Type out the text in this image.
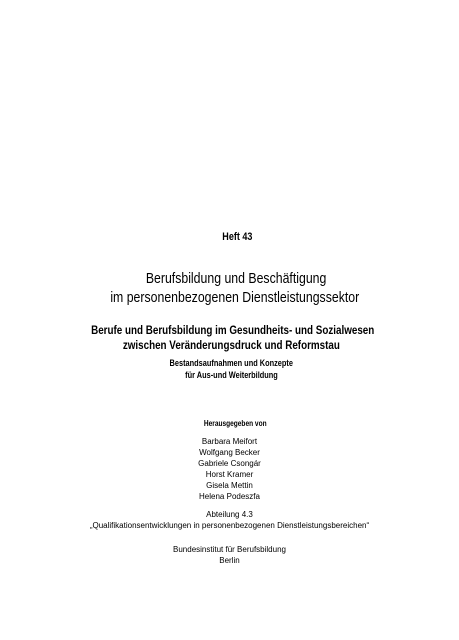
Heft 43
Berufsbildung und Beschäftigung
im personenbezogenen Dienstleistungssektor
Berufe und Berufsbildung im Gesundheits- und Sozialwesen
zwischen Veränderungsdruck und Reformstau
Bestandsaufnahmen und Konzepte
für Aus-und Weiterbildung
Herausgegeben von
Barbara Meifort
Wolfgang Becker
Gabriele Csongár
Horst Kramer
Gisela Mettin
Helena Podeszfa
Abteilung 4.3
„Qualifikationsentwicklungen in personenbezogenen Dienstleistungsbereichen“
Bundesinstitut für Berufsbildung
Berlin
